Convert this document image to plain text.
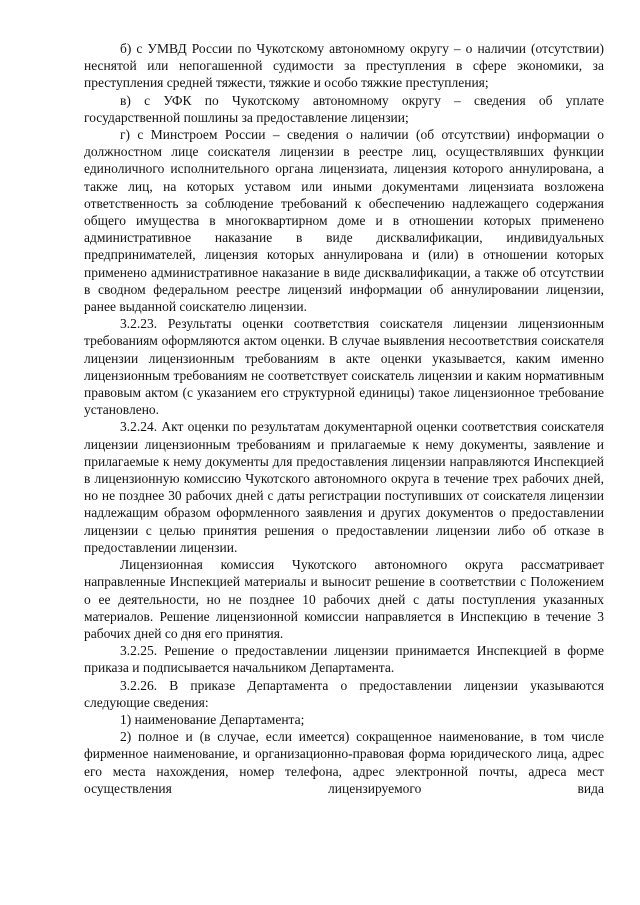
б) с УМВД России по Чукотскому автономному округу – о наличии (отсутствии) неснятой или непогашенной судимости за преступления в сфере экономики, за преступления средней тяжести, тяжкие и особо тяжкие преступления;

в) с УФК по Чукотскому автономному округу – сведения об уплате государственной пошлины за предоставление лицензии;

г) с Минстроем России – сведения о наличии (об отсутствии) информации о должностном лице соискателя лицензии в реестре лиц, осуществлявших функции единоличного исполнительного органа лицензиата, лицензия которого аннулирована, а также лиц, на которых уставом или иными документами лицензиата возложена ответственность за соблюдение требований к обеспечению надлежащего содержания общего имущества в многоквартирном доме и в отношении которых применено административное наказание в виде дисквалификации, индивидуальных предпринимателей, лицензия которых аннулирована и (или) в отношении которых применено административное наказание в виде дисквалификации, а также об отсутствии в сводном федеральном реестре лицензий информации об аннулировании лицензии, ранее выданной соискателю лицензии.

3.2.23. Результаты оценки соответствия соискателя лицензии лицензионным требованиям оформляются актом оценки. В случае выявления несоответствия соискателя лицензии лицензионным требованиям в акте оценки указывается, каким именно лицензионным требованиям не соответствует соискатель лицензии и каким нормативным правовым актом (с указанием его структурной единицы) такое лицензионное требование установлено.

3.2.24. Акт оценки по результатам документарной оценки соответствия соискателя лицензии лицензионным требованиям и прилагаемые к нему документы, заявление и прилагаемые к нему документы для предоставления лицензии направляются Инспекцией в лицензионную комиссию Чукотского автономного округа в течение трех рабочих дней, но не позднее 30 рабочих дней с даты регистрации поступивших от соискателя лицензии надлежащим образом оформленного заявления и других документов о предоставлении лицензии с целью принятия решения о предоставлении лицензии либо об отказе в предоставлении лицензии.

Лицензионная комиссия Чукотского автономного округа рассматривает направленные Инспекцией материалы и выносит решение в соответствии с Положением о ее деятельности, но не позднее 10 рабочих дней с даты поступления указанных материалов. Решение лицензионной комиссии направляется в Инспекцию в течение 3 рабочих дней со дня его принятия.

3.2.25. Решение о предоставлении лицензии принимается Инспекцией в форме приказа и подписывается начальником Департамента.

3.2.26. В приказе Департамента о предоставлении лицензии указываются следующие сведения:

1) наименование Департамента;

2) полное и (в случае, если имеется) сокращенное наименование, в том числе фирменное наименование, и организационно-правовая форма юридического лица, адрес его места нахождения, номер телефона, адрес электронной почты, адреса мест осуществления лицензируемого вида
